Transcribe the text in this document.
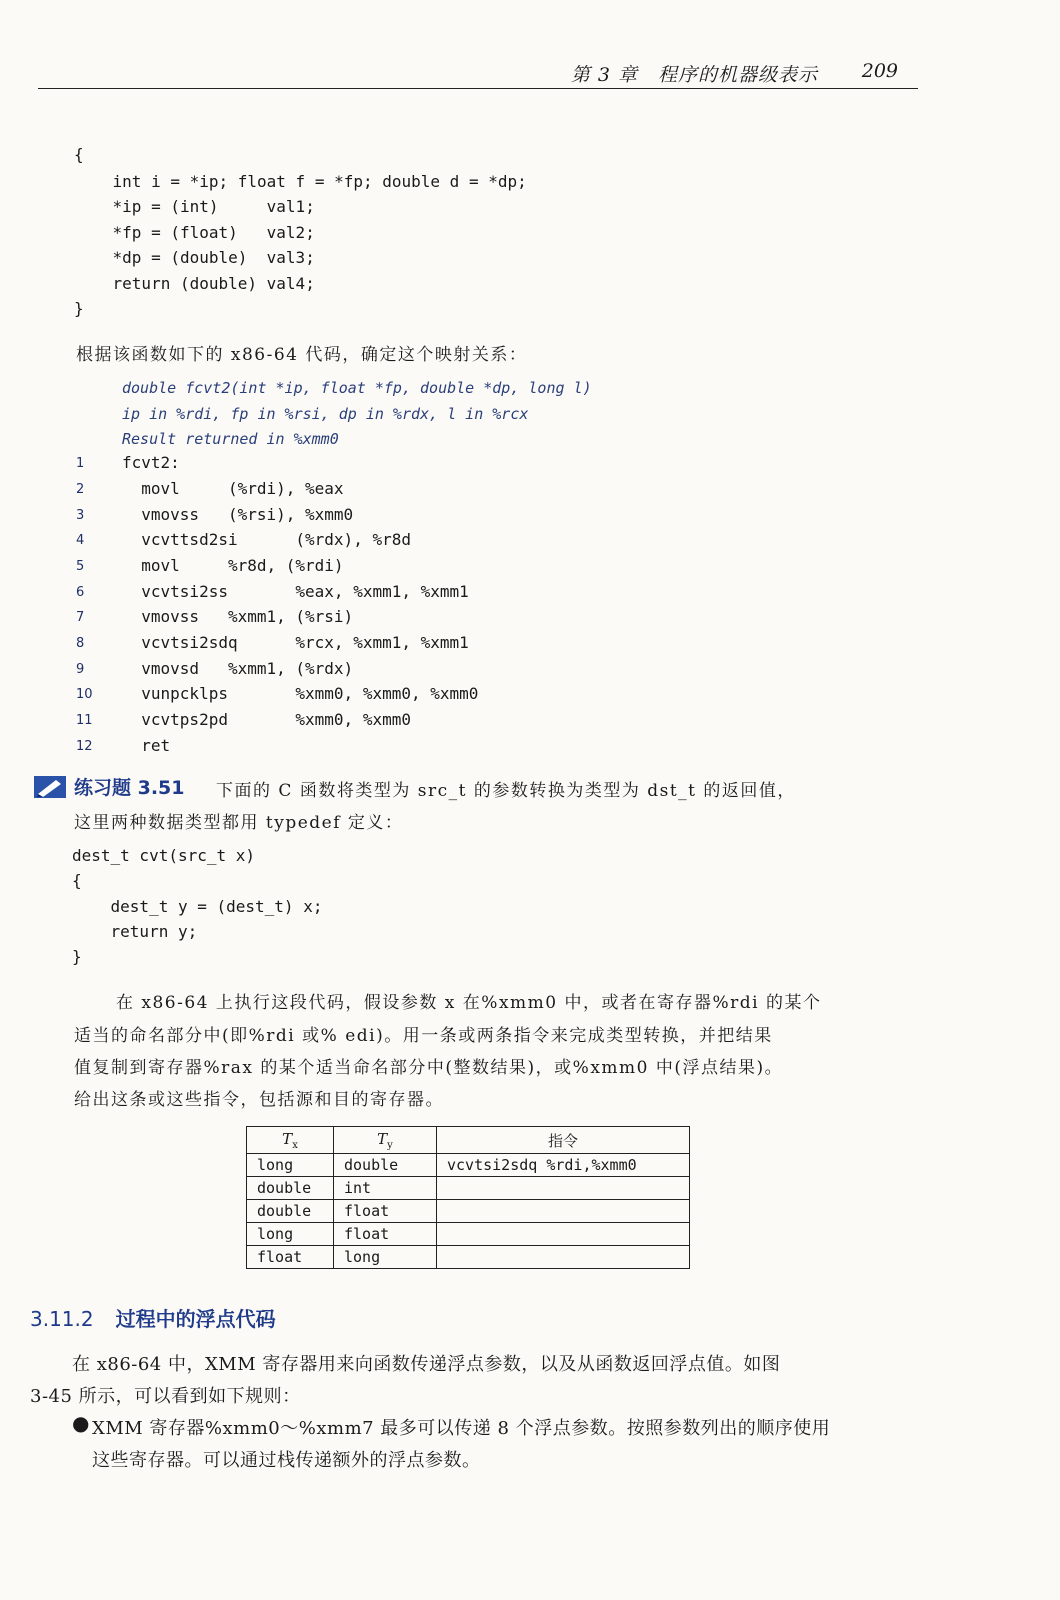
第 3 章　程序的机器级表示 209
{
int i = *ip; float f = *fp; double d = *dp;
*ip = (int)     val1;
*fp = (float)   val2;
*dp = (double)  val3;
return (double) val4;
}
根据该函数如下的 x86-64 代码，确定这个映射关系：
double fcvt2(int *ip, float *fp, double *dp, long l)
ip in %rdi, fp in %rsi, dp in %rdx, l in %rcx
Result returned in %xmm0
1	fcvt2:
2	movl     (%rdi), %eax
3	vmovss   (%rsi), %xmm0
4	vcvttsd2si      (%rdx), %r8d
5	movl     %r8d, (%rdi)
6	vcvtsi2ss       %eax, %xmm1, %xmm1
7	vmovss   %xmm1, (%rsi)
8	vcvtsi2sdq      %rcx, %xmm1, %xmm1
9	vmovsd   %xmm1, (%rdx)
10 vunpcklps       %xmm0, %xmm0, %xmm0
11 vcvtps2pd       %xmm0, %xmm0
12 ret
练习题 3.51 下面的 C 函数将类型为 src_t 的参数转换为类型为 dst_t 的返回值，
这里两种数据类型都用 typedef 定义：
dest_t cvt(src_t x)
{
dest_t y = (dest_t) x;
return y;
}
在 x86-64 上执行这段代码，假设参数 x 在%xmm0 中，或者在寄存器%rdi 的某个
适当的命名部分中(即%rdi 或% edi)。用一条或两条指令来完成类型转换，并把结果
值复制到寄存器%rax 的某个适当命名部分中(整数结果)，或%xmm0 中(浮点结果)。
给出这条或这些指令，包括源和目的寄存器。
$T_x$	$T_y$	指令
long	double	vcvtsi2sdq %rdi,%xmm0
double	int	
double	float	
long	float	
float	long	
3.11.2 过程中的浮点代码
在 x86-64 中，XMM 寄存器用来向函数传递浮点参数，以及从函数返回浮点值。如图
3-45 所示，可以看到如下规则：
● XMM 寄存器%xmm0～%xmm7 最多可以传递 8 个浮点参数。按照参数列出的顺序使用
这些寄存器。可以通过栈传递额外的浮点参数。
